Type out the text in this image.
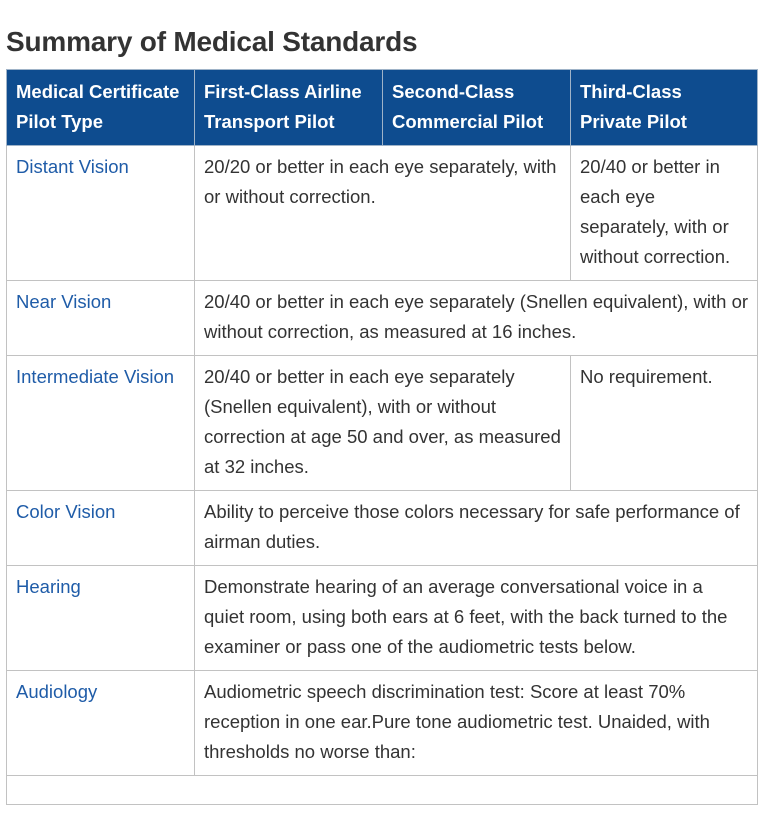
Summary of Medical Standards
Medical Certificate Pilot Type	First-Class Airline Transport Pilot	Second-Class Commercial Pilot	Third-Class Private Pilot
Distant Vision	20/20 or better in each eye separately, with or without correction.		20/40 or better in each eye separately, with or without correction.
Near Vision	20/40 or better in each eye separately (Snellen equivalent), with or without correction, as measured at 16 inches.		
Intermediate Vision	20/40 or better in each eye separately (Snellen equivalent), with or without correction at age 50 and over, as measured at 32 inches.		No requirement.
Color Vision	Ability to perceive those colors necessary for safe performance of airman duties.		
Hearing	Demonstrate hearing of an average conversational voice in a quiet room, using both ears at 6 feet, with the back turned to the examiner or pass one of the audiometric tests below.		
Audiology	Audiometric speech discrimination test: Score at least 70% reception in one ear.Pure tone audiometric test. Unaided, with thresholds no worse than:		
